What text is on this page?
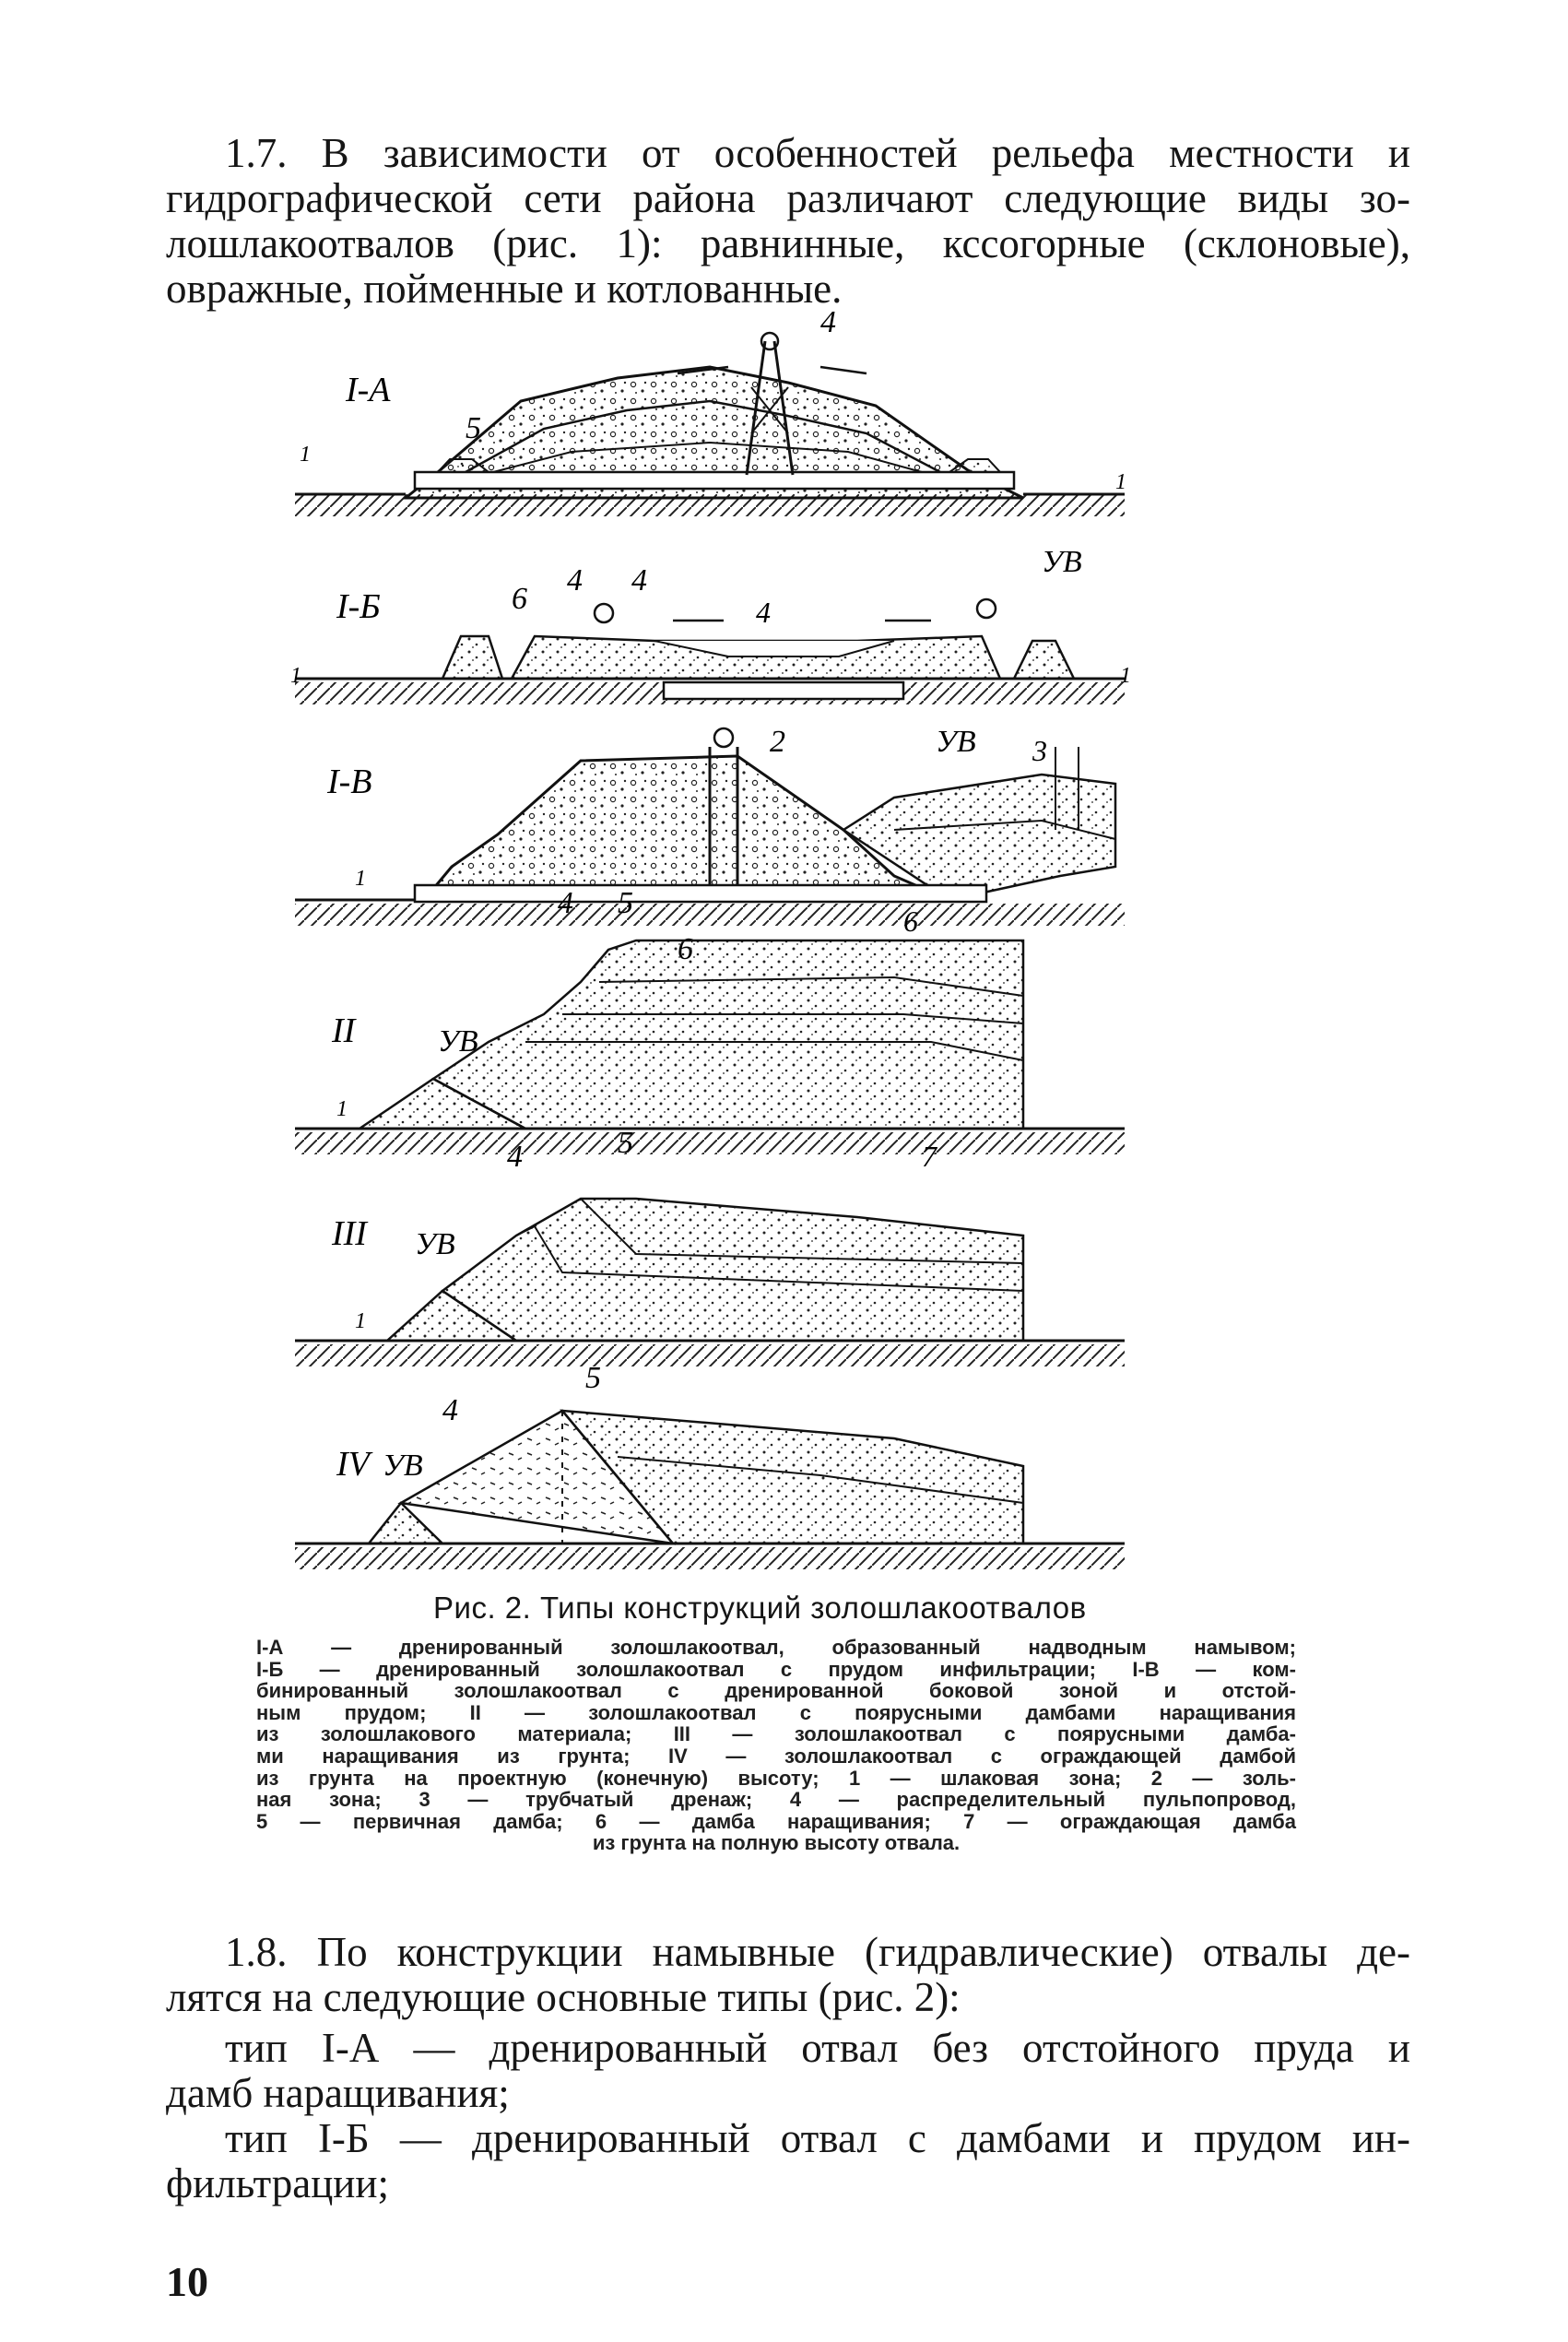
1.7. В зависимости от особенностей рельефа местности и
гидрографической сети района различают следующие виды зо-
лошлакоотвалов (рис. 1): равнинные, кссогорные (склоновые),
овражные, пойменные и котлованные.
I-А
4
5
I-Б	6
4 4
УВ
4
I-В
2	УВ 3
II
4 5
УВ
6
III
4	5
УВ
7
IV
4
5
УВ
1
1
1	1
1
1
1
Рис. 2. Типы конструкций золошлакоотвалов
I-А — дренированный золошлакоотвал, образованный надводным намывом;
I-Б — дренированный золошлакоотвал с прудом инфильтрации; I-В — ком-
бинированный золошлакоотвал с дренированной боковой зоной и отстой-
ным прудом; II — золошлакоотвал с поярусными дамбами наращивания
из золошлакового материала; III — золошлакоотвал с поярусными дамба-
ми наращивания из грунта; IV — золошлакоотвал с ограждающей дамбой
из грунта на проектную (конечную) высоту; 1 — шлаковая зона; 2 — золь-
ная зона; 3 — трубчатый дренаж; 4 — распределительный пульпопровод,
5 — первичная дамба; 6 — дамба наращивания; 7 — ограждающая дамба
из грунта на полную высоту отвала.
1.8. По конструкции намывные (гидравлические) отвалы де-
лятся на следующие основные типы (рис. 2):
тип I-А — дренированный отвал без отстойного пруда и
дамб наращивания;
тип I-Б — дренированный отвал с дамбами и прудом ин-
фильтрации;
10
